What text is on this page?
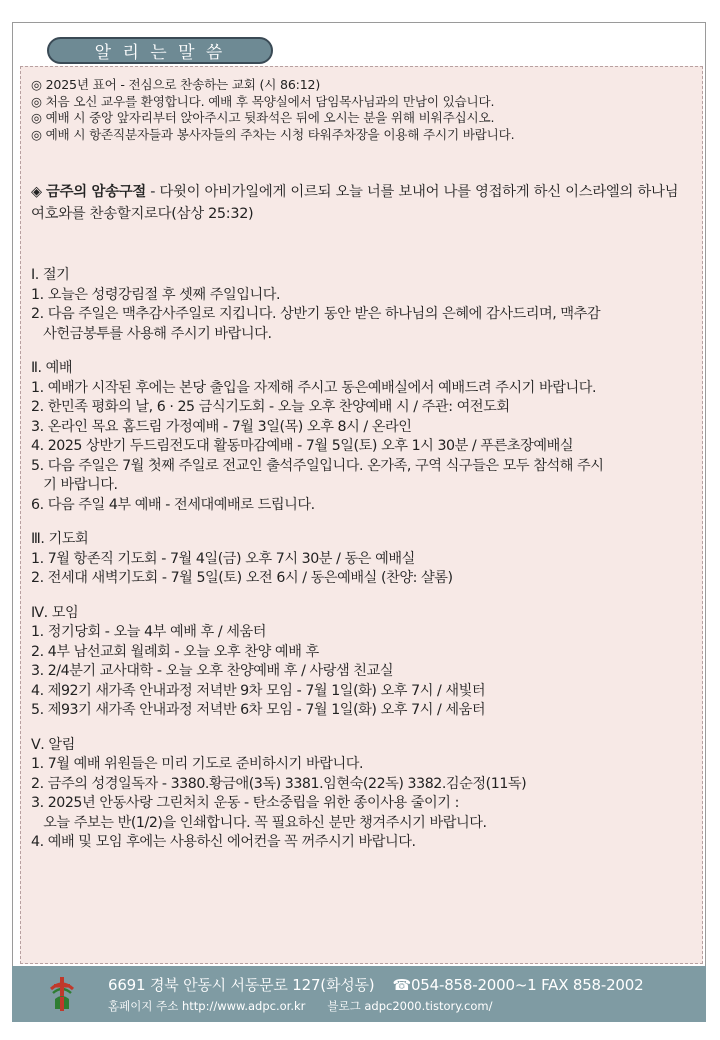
알 리 는 말 씀
◎ 2025년 표어 - 전심으로 찬송하는 교회 (시 86:12)
◎ 처음 오신 교우를 환영합니다. 예배 후 목양실에서 담임목사님과의 만남이 있습니다.
◎ 예배 시 중앙 앞자리부터 앉아주시고 뒷좌석은 뒤에 오시는 분을 위해 비워주십시오.
◎ 예배 시 항존직분자들과 봉사자들의 주차는 시청 타워주차장을 이용해 주시기 바랍니다.
◈ 금주의 암송구절 - 다윗이 아비가일에게 이르되 오늘 너를 보내어 나를 영접하게 하신 이스라엘의 하나님 여호와를 찬송할지로다(삼상 25:32)
Ⅰ. 절기
1. 오늘은 성령강림절 후 셋째 주일입니다.
2. 다음 주일은 맥추감사주일로 지킵니다. 상반기 동안 받은 하나님의 은혜에 감사드리며, 맥추감
사헌금봉투를 사용해 주시기 바랍니다.
Ⅱ. 예배
1. 예배가 시작된 후에는 본당 출입을 자제해 주시고 동은예배실에서 예배드려 주시기 바랍니다.
2. 한민족 평화의 날, 6 · 25 금식기도회 - 오늘 오후 찬양예배 시 / 주관: 여전도회
3. 온라인 목요 홈드림 가정예배 - 7월 3일(목) 오후 8시 / 온라인
4. 2025 상반기 두드림전도대 활동마감예배 - 7월 5일(토) 오후 1시 30분 / 푸른초장예배실
5. 다음 주일은 7월 첫째 주일로 전교인 출석주일입니다. 온가족, 구역 식구들은 모두 참석해 주시
기 바랍니다.
6. 다음 주일 4부 예배 - 전세대예배로 드립니다.
Ⅲ. 기도회
1. 7월 항존직 기도회 - 7월 4일(금) 오후 7시 30분 / 동은 예배실
2. 전세대 새벽기도회 - 7월 5일(토) 오전 6시 / 동은예배실 (찬양: 샬롬)
Ⅳ. 모임
1. 정기당회 - 오늘 4부 예배 후 / 세움터
2. 4부 남선교회 월례회 - 오늘 오후 찬양 예배 후
3. 2/4분기 교사대학 - 오늘 오후 찬양예배 후 / 사랑샘 친교실
4. 제92기 새가족 안내과정 저녁반 9차 모임 - 7월 1일(화) 오후 7시 / 새빛터
5. 제93기 새가족 안내과정 저녁반 6차 모임 - 7월 1일(화) 오후 7시 / 세움터
Ⅴ. 알림
1. 7월 예배 위원들은 미리 기도로 준비하시기 바랍니다.
2. 금주의 성경일독자 - 3380.황금애(3독) 3381.임현숙(22독) 3382.김순정(11독)
3. 2025년 안동사랑 그린처치 운동 - 탄소중립을 위한 종이사용 줄이기 :
오늘 주보는 반(1/2)을 인쇄합니다. 꼭 필요하신 분만 챙겨주시기 바랍니다.
4. 예배 및 모임 후에는 사용하신 에어컨을 꼭 꺼주시기 바랍니다.
6691 경북 안동시 서동문로 127(화성동) ☎054-858-2000~1 FAX 858-2002
홈페이지 주소 http://www.adpc.or.kr 블로그 adpc2000.tistory.com/
